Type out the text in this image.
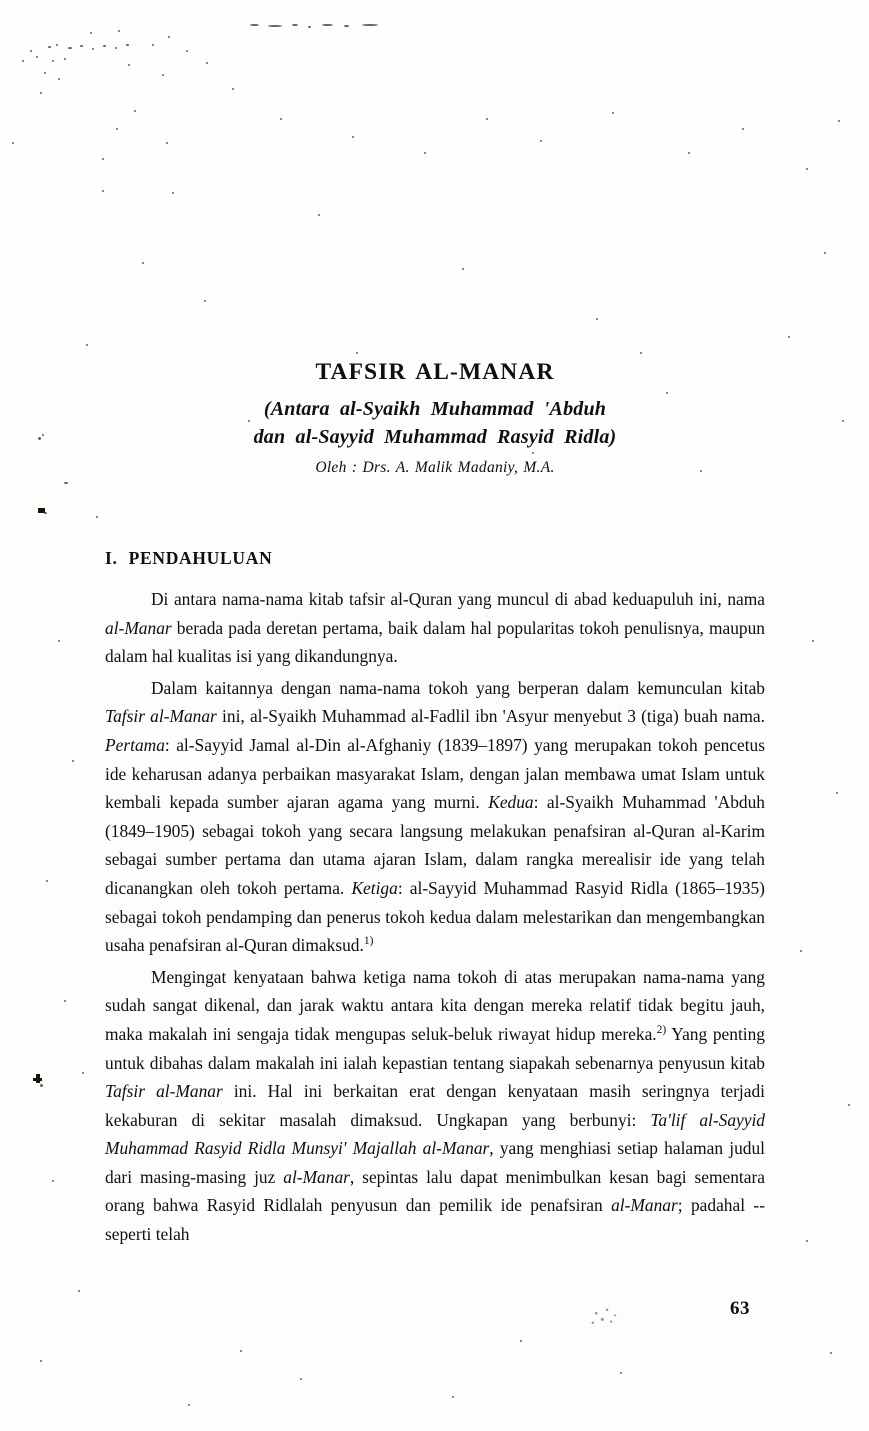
TAFSIR AL-MANAR
(Antara al-Syaikh Muhammad 'Abduh
dan al-Sayyid Muhammad Rasyid Ridla)
Oleh : Drs. A. Malik Madaniy, M.A.
I. PENDAHULUAN

Di antara nama-nama kitab tafsir al-Quran yang muncul di abad keduapuluh ini, nama al-Manar berada pada deretan pertama, baik dalam hal popularitas tokoh penulisnya, maupun dalam hal kualitas isi yang dikandungnya.

Dalam kaitannya dengan nama-nama tokoh yang berperan dalam kemunculan kitab Tafsir al-Manar ini, al-Syaikh Muhammad al-Fadlil ibn 'Asyur menyebut 3 (tiga) buah nama. Pertama: al-Sayyid Jamal al-Din al-Afghaniy (1839–1897) yang merupakan tokoh pencetus ide keharusan adanya perbaikan masyarakat Islam, dengan jalan membawa umat Islam untuk kembali kepada sumber ajaran agama yang murni. Kedua: al-Syaikh Muhammad 'Abduh (1849–1905) sebagai tokoh yang secara langsung melakukan penafsiran al-Quran al-Karim sebagai sumber pertama dan utama ajaran Islam, dalam rangka merealisir ide yang telah dicanangkan oleh tokoh pertama. Ketiga: al-Sayyid Muhammad Rasyid Ridla (1865–1935) sebagai tokoh pendamping dan penerus tokoh kedua dalam melestarikan dan mengembangkan usaha penafsiran al-Quran dimaksud.$^{1)}$

Mengingat kenyataan bahwa ketiga nama tokoh di atas merupakan nama-nama yang sudah sangat dikenal, dan jarak waktu antara kita dengan mereka relatif tidak begitu jauh, maka makalah ini sengaja tidak mengupas seluk-beluk riwayat hidup mereka.$^{2)}$ Yang penting untuk dibahas dalam makalah ini ialah kepastian tentang siapakah sebenarnya penyusun kitab Tafsir al-Manar ini. Hal ini berkaitan erat dengan kenyataan masih seringnya terjadi kekaburan di sekitar masalah dimaksud. Ungkapan yang berbunyi: Ta'lif al-Sayyid Muhammad Rasyid Ridla Munsyi' Majallah al-Manar, yang menghiasi setiap halaman judul dari masing-masing juz al-Manar, sepintas lalu dapat menimbulkan kesan bagi sementara orang bahwa Rasyid Ridlalah penyusun dan pemilik ide penafsiran al-Manar; padahal --seperti telah

63
